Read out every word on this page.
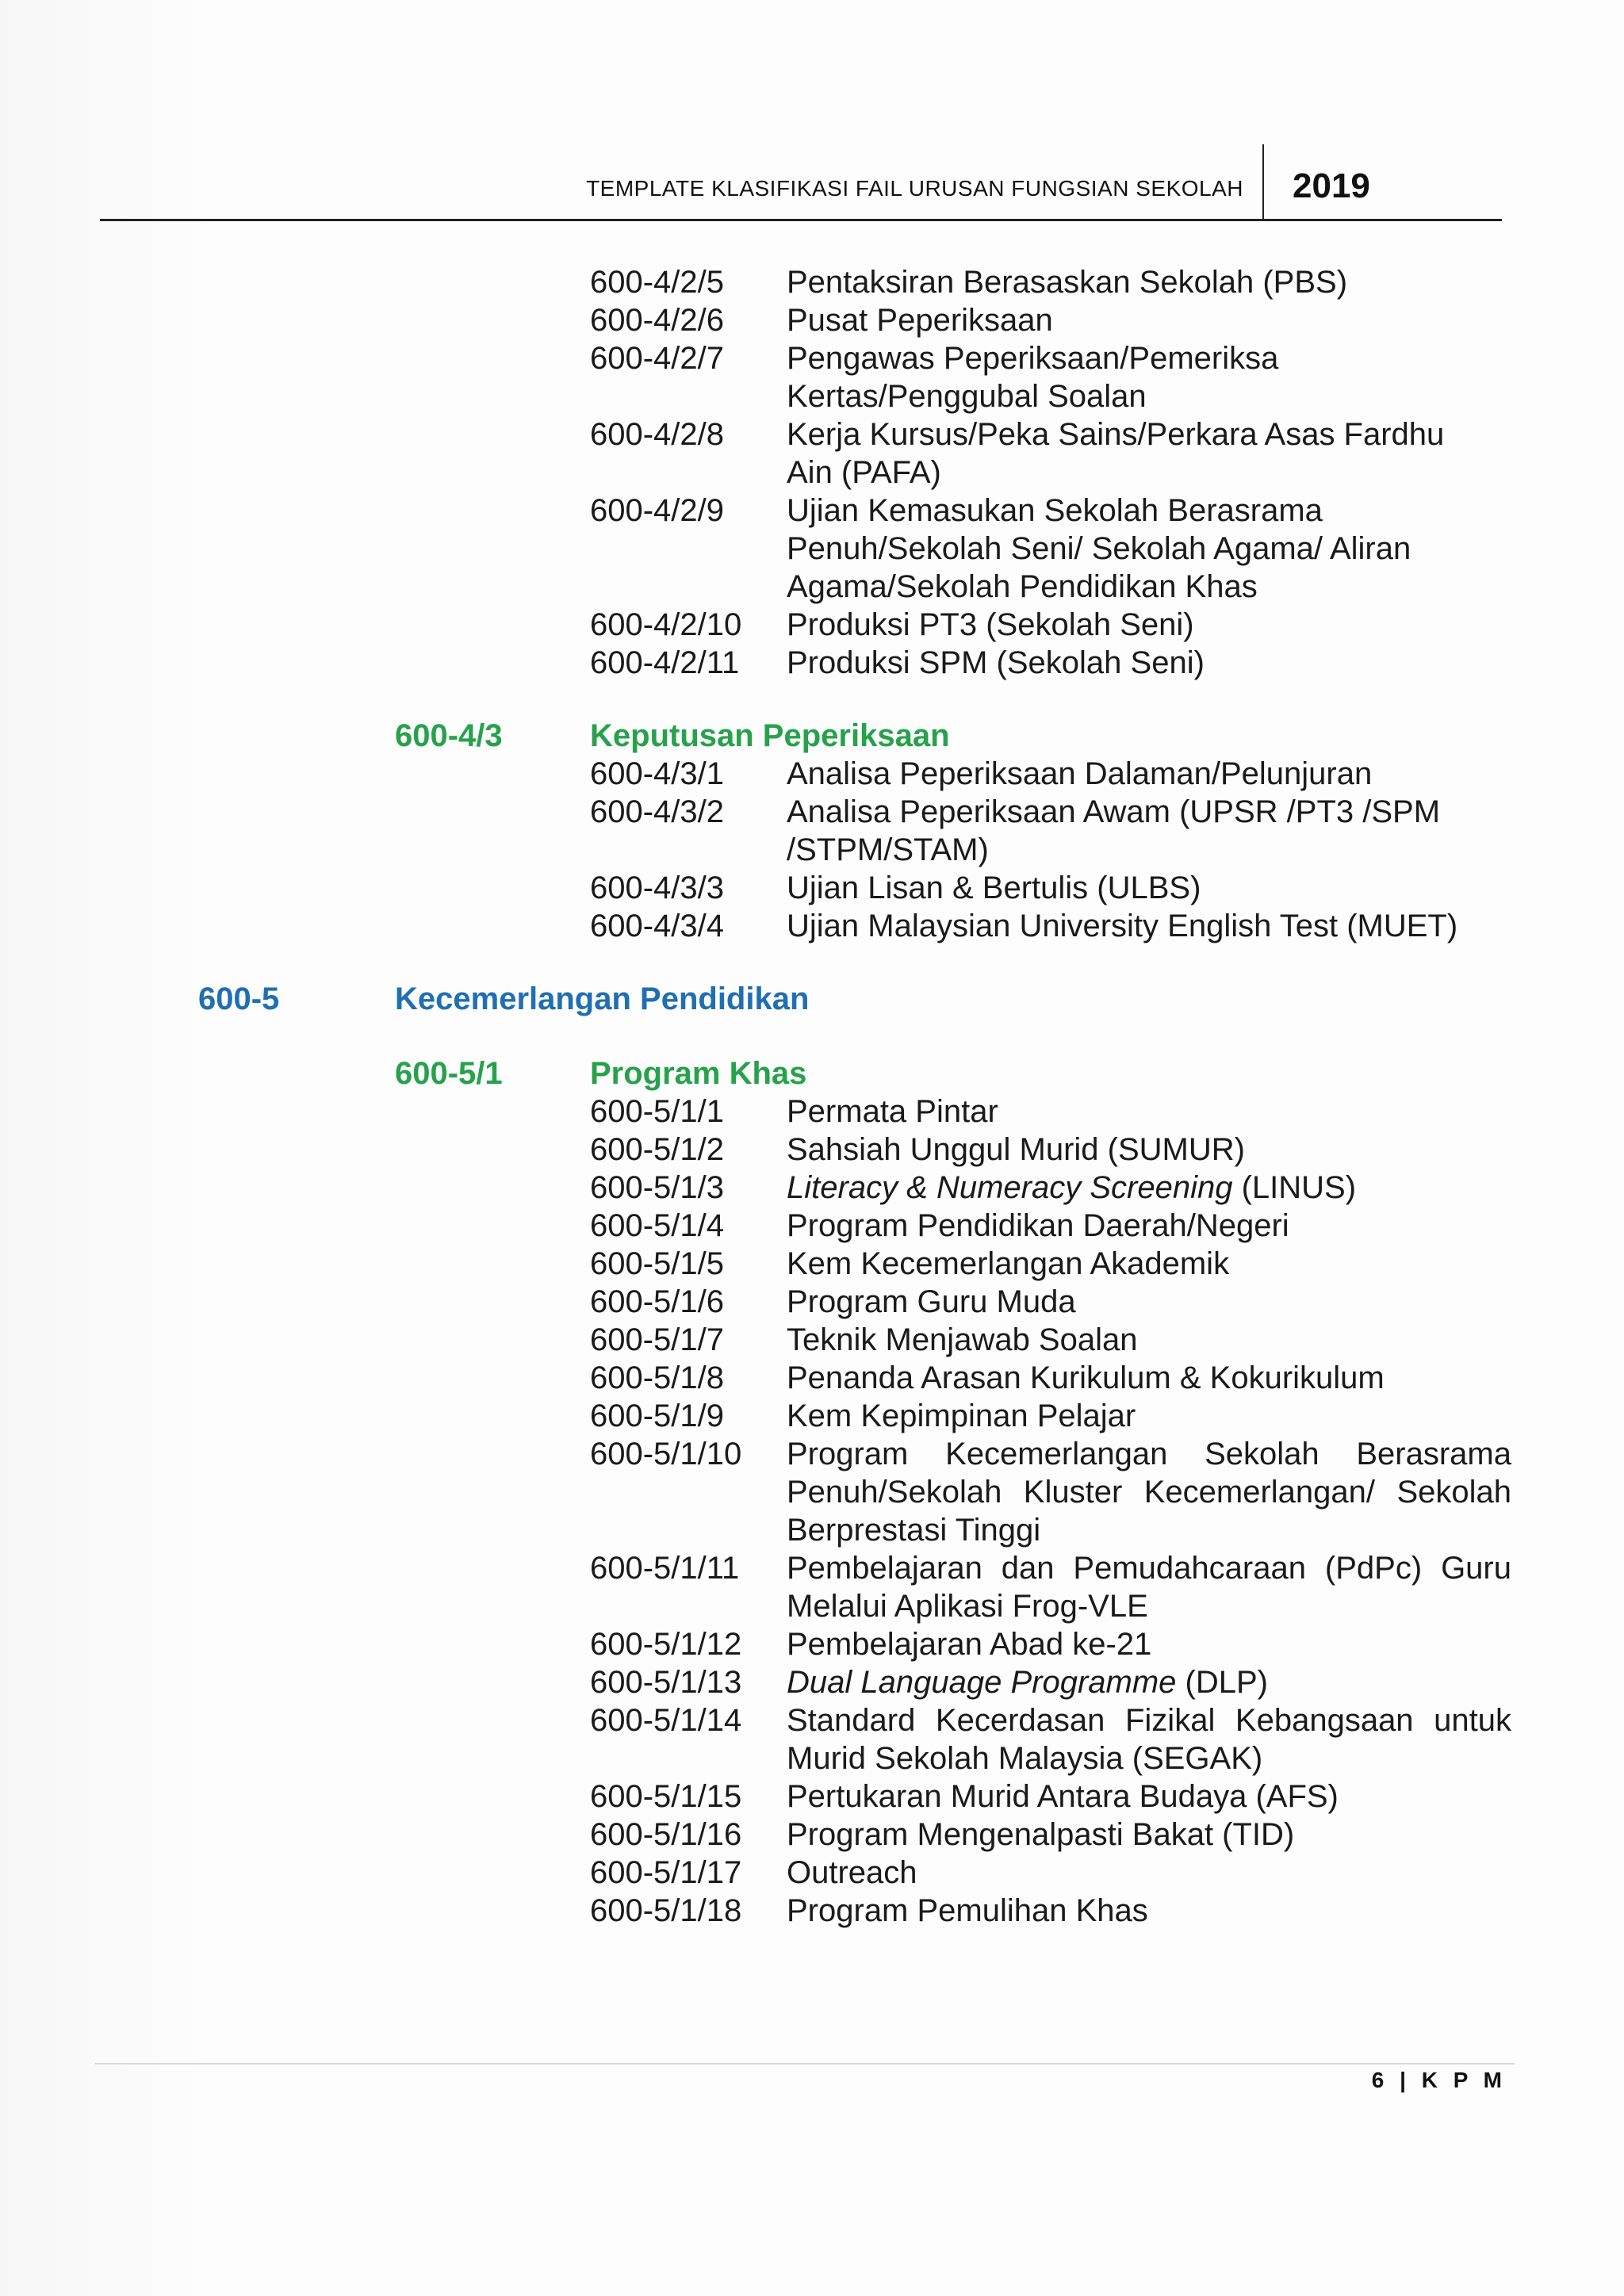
TEMPLATE KLASIFIKASI FAIL URUSAN FUNGSIAN SEKOLAH 2019
600-4/2/5 Pentaksiran Berasaskan Sekolah (PBS)
600-4/2/6 Pusat Peperiksaan
600-4/2/7 Pengawas Peperiksaan/Pemeriksa
Kertas/Penggubal Soalan
600-4/2/8 Kerja Kursus/Peka Sains/Perkara Asas Fardhu
Ain (PAFA)
600-4/2/9 Ujian Kemasukan Sekolah Berasrama
Penuh/Sekolah Seni/ Sekolah Agama/ Aliran
Agama/Sekolah Pendidikan Khas
600-4/2/10 Produksi PT3 (Sekolah Seni)
600-4/2/11 Produksi SPM (Sekolah Seni)
600-4/3	Keputusan Peperiksaan
600-4/3/1 Analisa Peperiksaan Dalaman/Pelunjuran
600-4/3/2 Analisa Peperiksaan Awam (UPSR /PT3 /SPM
/STPM/STAM)
600-4/3/3 Ujian Lisan & Bertulis (ULBS)
600-4/3/4 Ujian Malaysian University English Test (MUET)
600-5	Kecemerlangan Pendidikan
600-5/1	Program Khas
600-5/1/1 Permata Pintar
600-5/1/2 Sahsiah Unggul Murid (SUMUR)
600-5/1/3 Literacy & Numeracy Screening (LINUS)
600-5/1/4 Program Pendidikan Daerah/Negeri
600-5/1/5 Kem Kecemerlangan Akademik
600-5/1/6 Program Guru Muda
600-5/1/7 Teknik Menjawab Soalan
600-5/1/8 Penanda Arasan Kurikulum & Kokurikulum
600-5/1/9 Kem Kepimpinan Pelajar
600-5/1/10 Program Kecemerlangan Sekolah Berasrama
Penuh/Sekolah Kluster Kecemerlangan/ Sekolah
Berprestasi Tinggi
600-5/1/11 Pembelajaran dan Pemudahcaraan (PdPc) Guru
Melalui Aplikasi Frog-VLE
600-5/1/12 Pembelajaran Abad ke-21
600-5/1/13 Dual Language Programme (DLP)
600-5/1/14 Standard Kecerdasan Fizikal Kebangsaan untuk
Murid Sekolah Malaysia (SEGAK)
600-5/1/15 Pertukaran Murid Antara Budaya (AFS)
600-5/1/16 Program Mengenalpasti Bakat (TID)
600-5/1/17 Outreach
600-5/1/18 Program Pemulihan Khas
6 | K P M
